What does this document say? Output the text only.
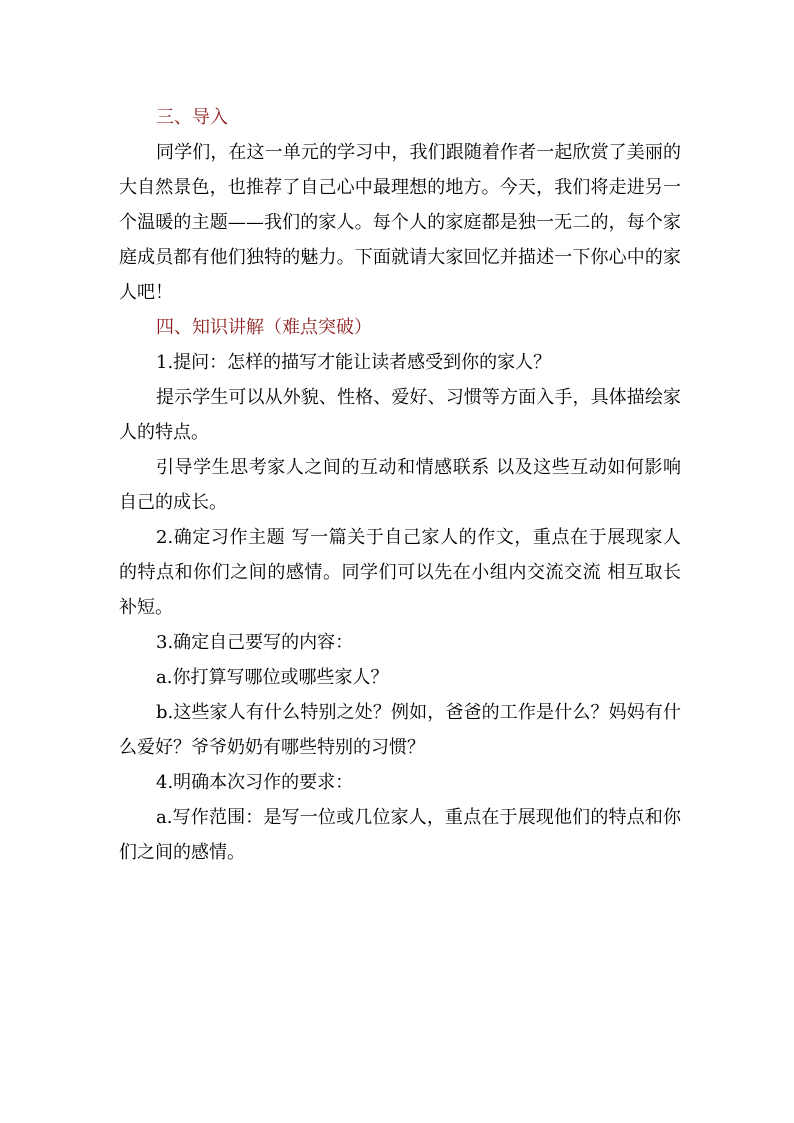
三、导入

同学们，在这一单元的学习中，我们跟随着作者一起欣赏了美丽的大自然景色，也推荐了自己心中最理想的地方。今天，我们将走进另一个温暖的主题——我们的家人。每个人的家庭都是独一无二的，每个家庭成员都有他们独特的魅力。下面就请大家回忆并描述一下你心中的家人吧！

四、知识讲解（难点突破）

1.提问：怎样的描写才能让读者感受到你的家人？

提示学生可以从外貌、性格、爱好、习惯等方面入手，具体描绘家人的特点。

引导学生思考家人之间的互动和情感联系 以及这些互动如何影响自己的成长。

2.确定习作主题 写一篇关于自己家人的作文，重点在于展现家人的特点和你们之间的感情。同学们可以先在小组内交流交流 相互取长补短。

3.确定自己要写的内容：

a.你打算写哪位或哪些家人？

b.这些家人有什么特别之处？例如，爸爸的工作是什么？妈妈有什么爱好？爷爷奶奶有哪些特别的习惯？

4.明确本次习作的要求：

a.写作范围：是写一位或几位家人，重点在于展现他们的特点和你们之间的感情。
